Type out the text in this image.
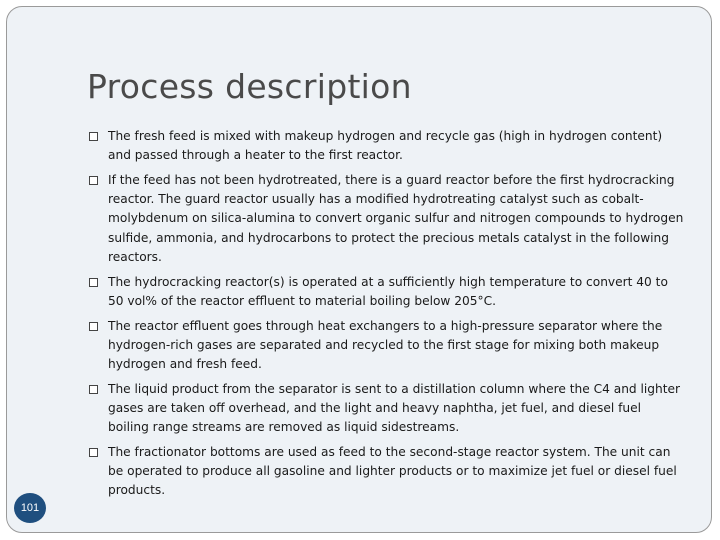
Process description
The fresh feed is mixed with makeup hydrogen and recycle gas (high in hydrogen content) and passed through a heater to the first reactor.
If the feed has not been hydrotreated, there is a guard reactor before the first hydrocracking reactor. The guard reactor usually has a modified hydrotreating catalyst such as cobalt-molybdenum on silica-alumina to convert organic sulfur and nitrogen compounds to hydrogen sulfide, ammonia, and hydrocarbons to protect the precious metals catalyst in the following reactors.
The hydrocracking reactor(s) is operated at a sufficiently high temperature to convert 40 to 50 vol% of the reactor effluent to material boiling below 205°C.
The reactor effluent goes through heat exchangers to a high-pressure separator where the hydrogen-rich gases are separated and recycled to the first stage for mixing both makeup hydrogen and fresh feed.
The liquid product from the separator is sent to a distillation column where the C4 and lighter gases are taken off overhead, and the light and heavy naphtha, jet fuel, and diesel fuel boiling range streams are removed as liquid sidestreams.
The fractionator bottoms are used as feed to the second-stage reactor system. The unit can be operated to produce all gasoline and lighter products or to maximize jet fuel or diesel fuel products.
101
